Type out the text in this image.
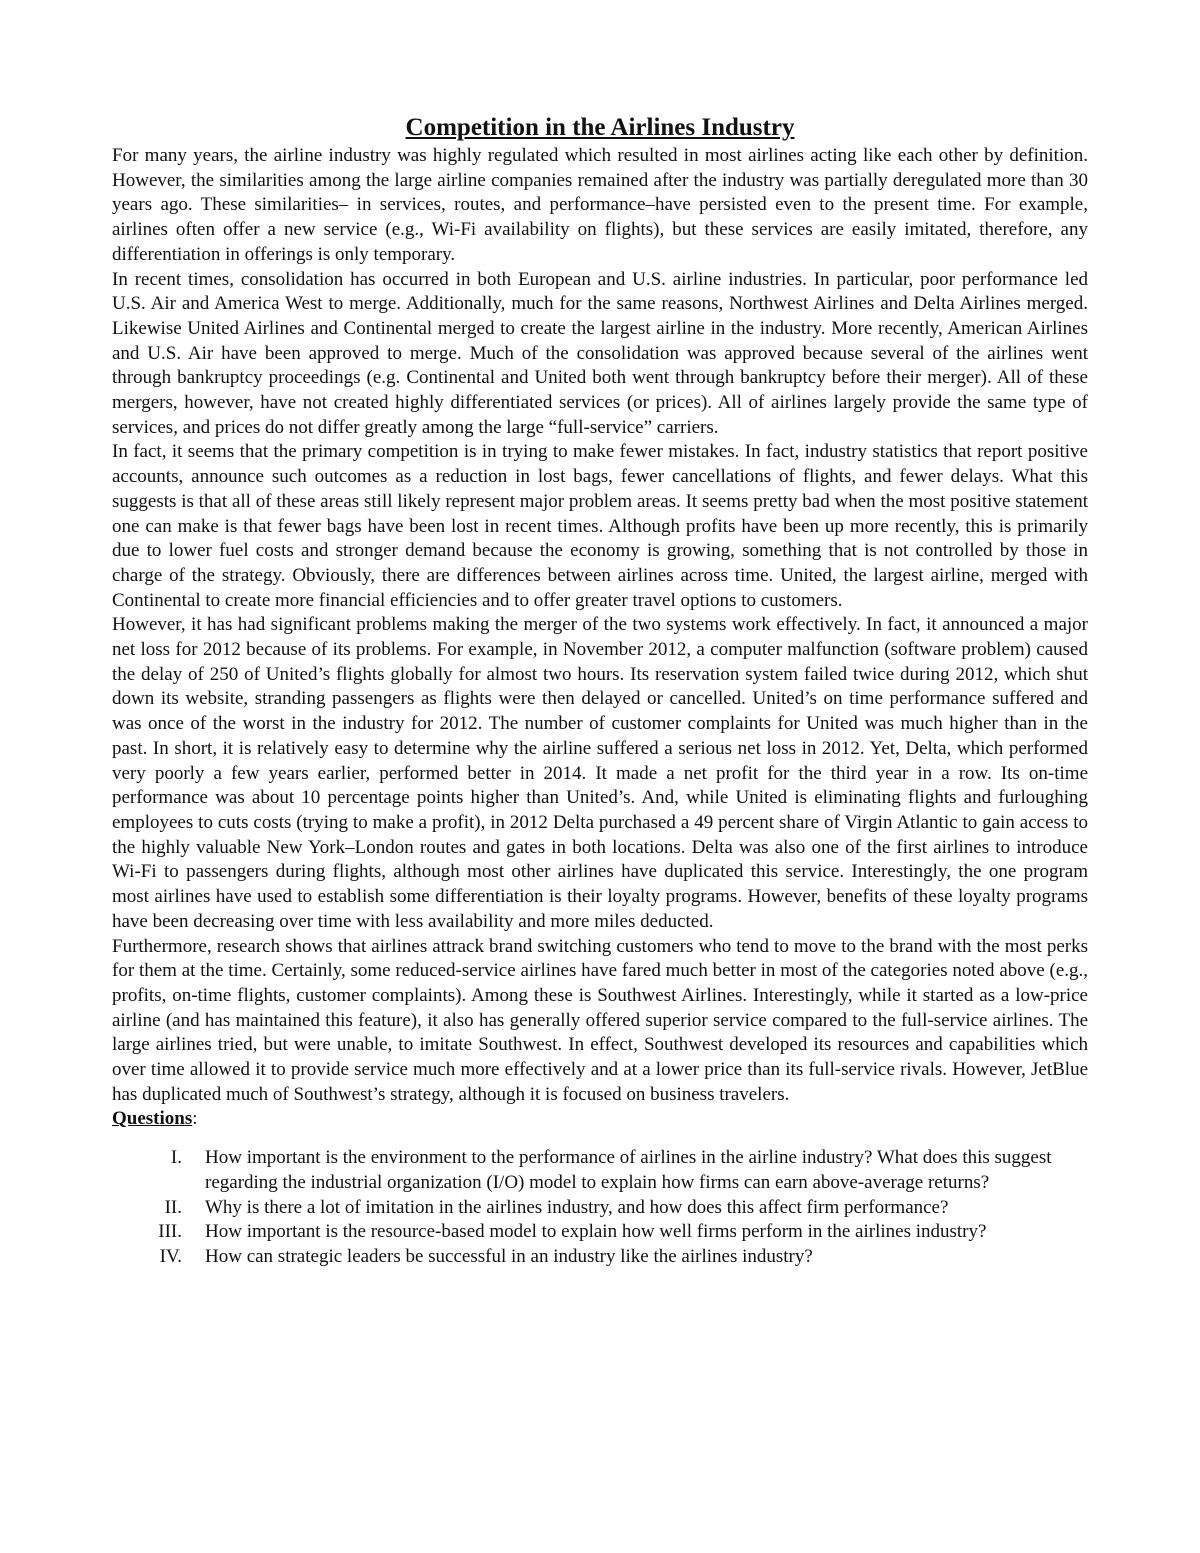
Competition in the Airlines Industry

For many years, the airline industry was highly regulated which resulted in most airlines acting like each other by definition. However, the similarities among the large airline companies remained after the industry was partially deregulated more than 30 years ago. These similarities– in services, routes, and performance–have persisted even to the present time. For example, airlines often offer a new service (e.g., Wi-Fi availability on flights), but these services are easily imitated, therefore, any differentiation in offerings is only temporary.

In recent times, consolidation has occurred in both European and U.S. airline industries. In particular, poor performance led U.S. Air and America West to merge. Additionally, much for the same reasons, Northwest Airlines and Delta Airlines merged. Likewise United Airlines and Continental merged to create the largest airline in the industry. More recently, American Airlines and U.S. Air have been approved to merge. Much of the consolidation was approved because several of the airlines went through bankruptcy proceedings (e.g. Continental and United both went through bankruptcy before their merger). All of these mergers, however, have not created highly differentiated services (or prices). All of airlines largely provide the same type of services, and prices do not differ greatly among the large “full-service” carriers.

In fact, it seems that the primary competition is in trying to make fewer mistakes. In fact, industry statistics that report positive accounts, announce such outcomes as a reduction in lost bags, fewer cancellations of flights, and fewer delays. What this suggests is that all of these areas still likely represent major problem areas. It seems pretty bad when the most positive statement one can make is that fewer bags have been lost in recent times. Although profits have been up more recently, this is primarily due to lower fuel costs and stronger demand because the economy is growing, something that is not controlled by those in charge of the strategy. Obviously, there are differences between airlines across time. United, the largest airline, merged with Continental to create more financial efficiencies and to offer greater travel options to customers.

However, it has had significant problems making the merger of the two systems work effectively. In fact, it announced a major net loss for 2012 because of its problems. For example, in November 2012, a computer malfunction (software problem) caused the delay of 250 of United’s flights globally for almost two hours. Its reservation system failed twice during 2012, which shut down its website, stranding passengers as flights were then delayed or cancelled. United’s on time performance suffered and was once of the worst in the industry for 2012. The number of customer complaints for United was much higher than in the past. In short, it is relatively easy to determine why the airline suffered a serious net loss in 2012. Yet, Delta, which performed very poorly a few years earlier, performed better in 2014. It made a net profit for the third year in a row. Its on-time performance was about 10 percentage points higher than United’s. And, while United is eliminating flights and furloughing employees to cuts costs (trying to make a profit), in 2012 Delta purchased a 49 percent share of Virgin Atlantic to gain access to the highly valuable New York–London routes and gates in both locations. Delta was also one of the first airlines to introduce Wi-Fi to passengers during flights, although most other airlines have duplicated this service. Interestingly, the one program most airlines have used to establish some differentiation is their loyalty programs. However, benefits of these loyalty programs have been decreasing over time with less availability and more miles deducted.

Furthermore, research shows that airlines attrack brand switching customers who tend to move to the brand with the most perks for them at the time. Certainly, some reduced-service airlines have fared much better in most of the categories noted above (e.g., profits, on-time flights, customer complaints). Among these is Southwest Airlines. Interestingly, while it started as a low-price airline (and has maintained this feature), it also has generally offered superior service compared to the full-service airlines. The large airlines tried, but were unable, to imitate Southwest. In effect, Southwest developed its resources and capabilities which over time allowed it to provide service much more effectively and at a lower price than its full-service rivals. However, JetBlue has duplicated much of Southwest’s strategy, although it is focused on business travelers.

Questions:

I. How important is the environment to the performance of airlines in the airline industry? What does this suggest regarding the industrial organization (I/O) model to explain how firms can earn above-average returns?
II. Why is there a lot of imitation in the airlines industry, and how does this affect firm performance?
III. How important is the resource-based model to explain how well firms perform in the airlines industry?
IV. How can strategic leaders be successful in an industry like the airlines industry?
